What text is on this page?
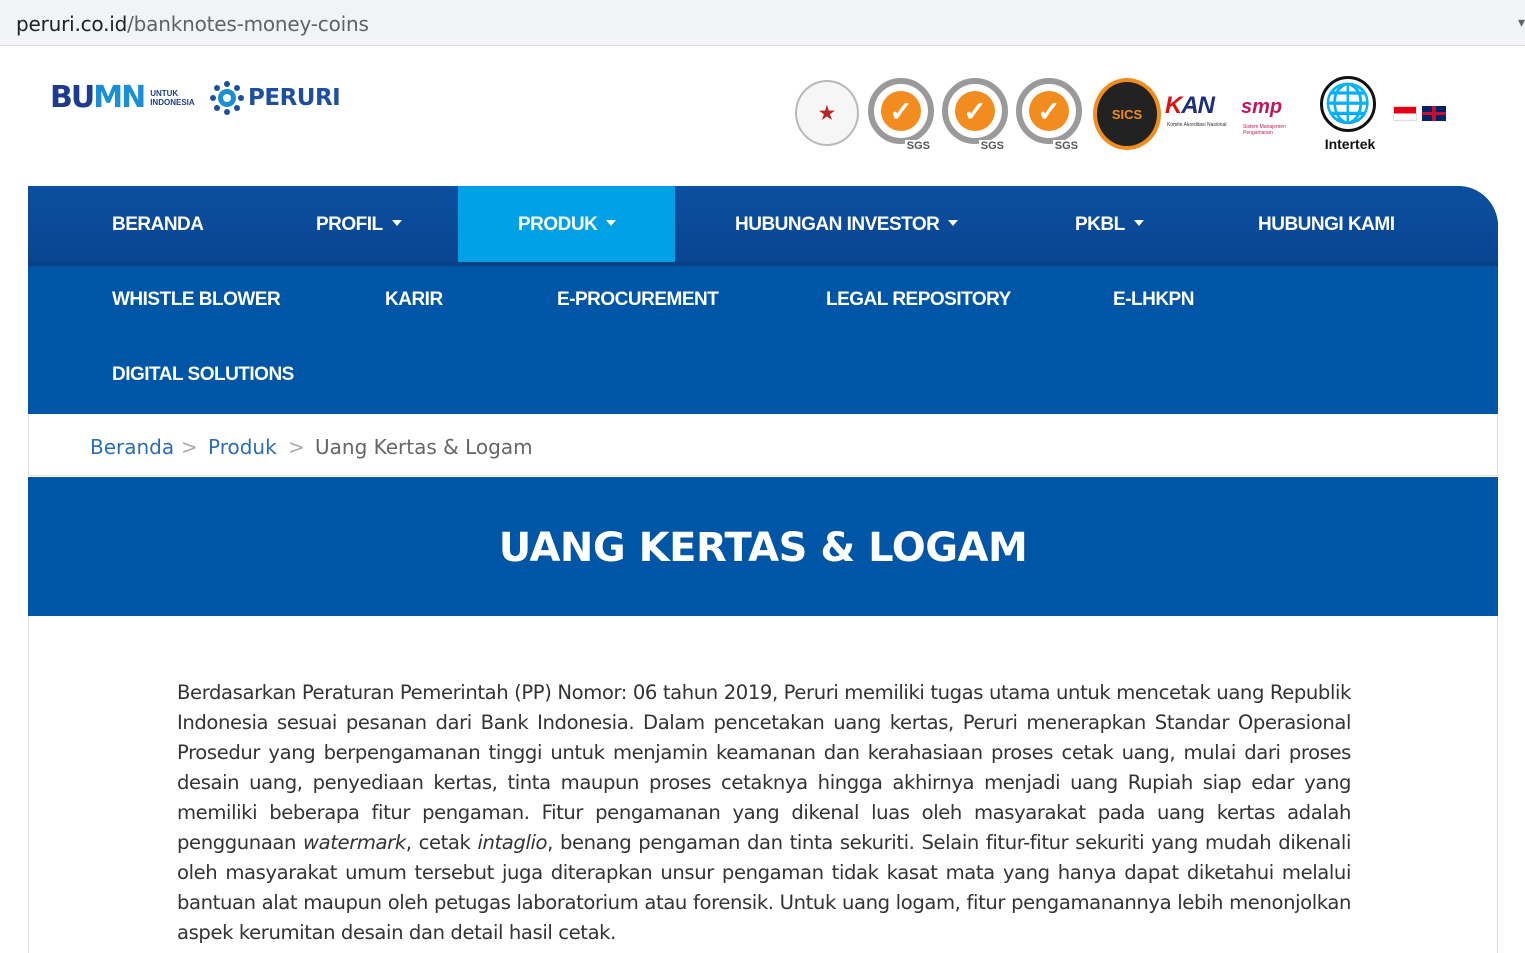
peruri.co.id/banknotes-money-coins	▾
BUMN UNTUK
INDONESIA PERURI
★	✓
SGS
✓
SGS
✓
SGS
SICS KAN
Komite Akreditasi Nasional
smp
Sistem Manajemen Pengamanan
🌐
Intertek
BERANDA	PROFIL	PRODUK	HUBUNGAN INVESTOR	PKBL	HUBUNGI KAMI
WHISTLE BLOWER	KARIR	E-PROCUREMENT	LEGAL REPOSITORY	E-LHKPN
DIGITAL SOLUTIONS
Beranda > Produk > Uang Kertas & Logam
UANG KERTAS & LOGAM

Berdasarkan Peraturan Pemerintah (PP) Nomor: 06 tahun 2019, Peruri memiliki tugas utama untuk mencetak uang Republik Indonesia sesuai pesanan dari Bank Indonesia. Dalam pencetakan uang kertas, Peruri menerapkan Standar Operasional Prosedur yang berpengamanan tinggi untuk menjamin keamanan dan kerahasiaan proses cetak uang, mulai dari proses desain uang, penyediaan kertas, tinta maupun proses cetaknya hingga akhirnya menjadi uang Rupiah siap edar yang memiliki beberapa fitur pengaman. Fitur pengamanan yang dikenal luas oleh masyarakat pada uang kertas adalah penggunaan watermark, cetak intaglio, benang pengaman dan tinta sekuriti. Selain fitur-fitur sekuriti yang mudah dikenali oleh masyarakat umum tersebut juga diterapkan unsur pengaman tidak kasat mata yang hanya dapat diketahui melalui bantuan alat maupun oleh petugas laboratorium atau forensik. Untuk uang logam, fitur pengamanannya lebih menonjolkan aspek kerumitan desain dan detail hasil cetak.
